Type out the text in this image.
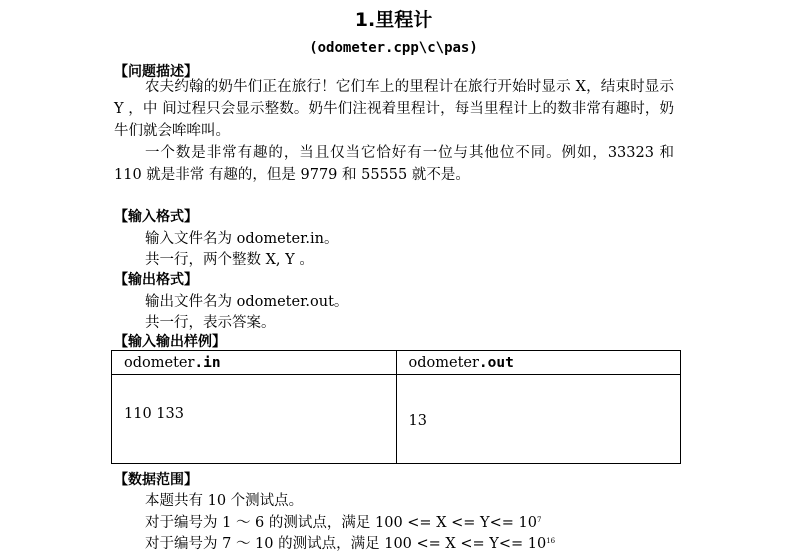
1.里程计
(odometer.cpp\c\pas)
【问题描述】

农夫约翰的奶牛们正在旅行！它们车上的里程计在旅行开始时显示 X，结束时显示 Y ，中 间过程只会显示整数。奶牛们注视着里程计，每当里程计上的数非常有趣时，奶牛们就会哞哞叫。

一个数是非常有趣的，当且仅当它恰好有一位与其他位不同。例如，33323 和 110 就是非常 有趣的，但是 9779 和 55555 就不是。

【输入格式】
输入文件名为 odometer.in。
共一行，两个整数 X, Y 。
【输出格式】
输出文件名为 odometer.out。
共一行，表示答案。
【输入输出样例】
odometer.in	odometer.out
110 133	13
【数据范围】
本题共有 10 个测试点。
对于编号为 1 ～ 6 的测试点，满足 $100 <= X <= Y<= 10^7$
对于编号为 7 ～ 10 的测试点，满足 $100 <= X <= Y<= 10^{16}$
